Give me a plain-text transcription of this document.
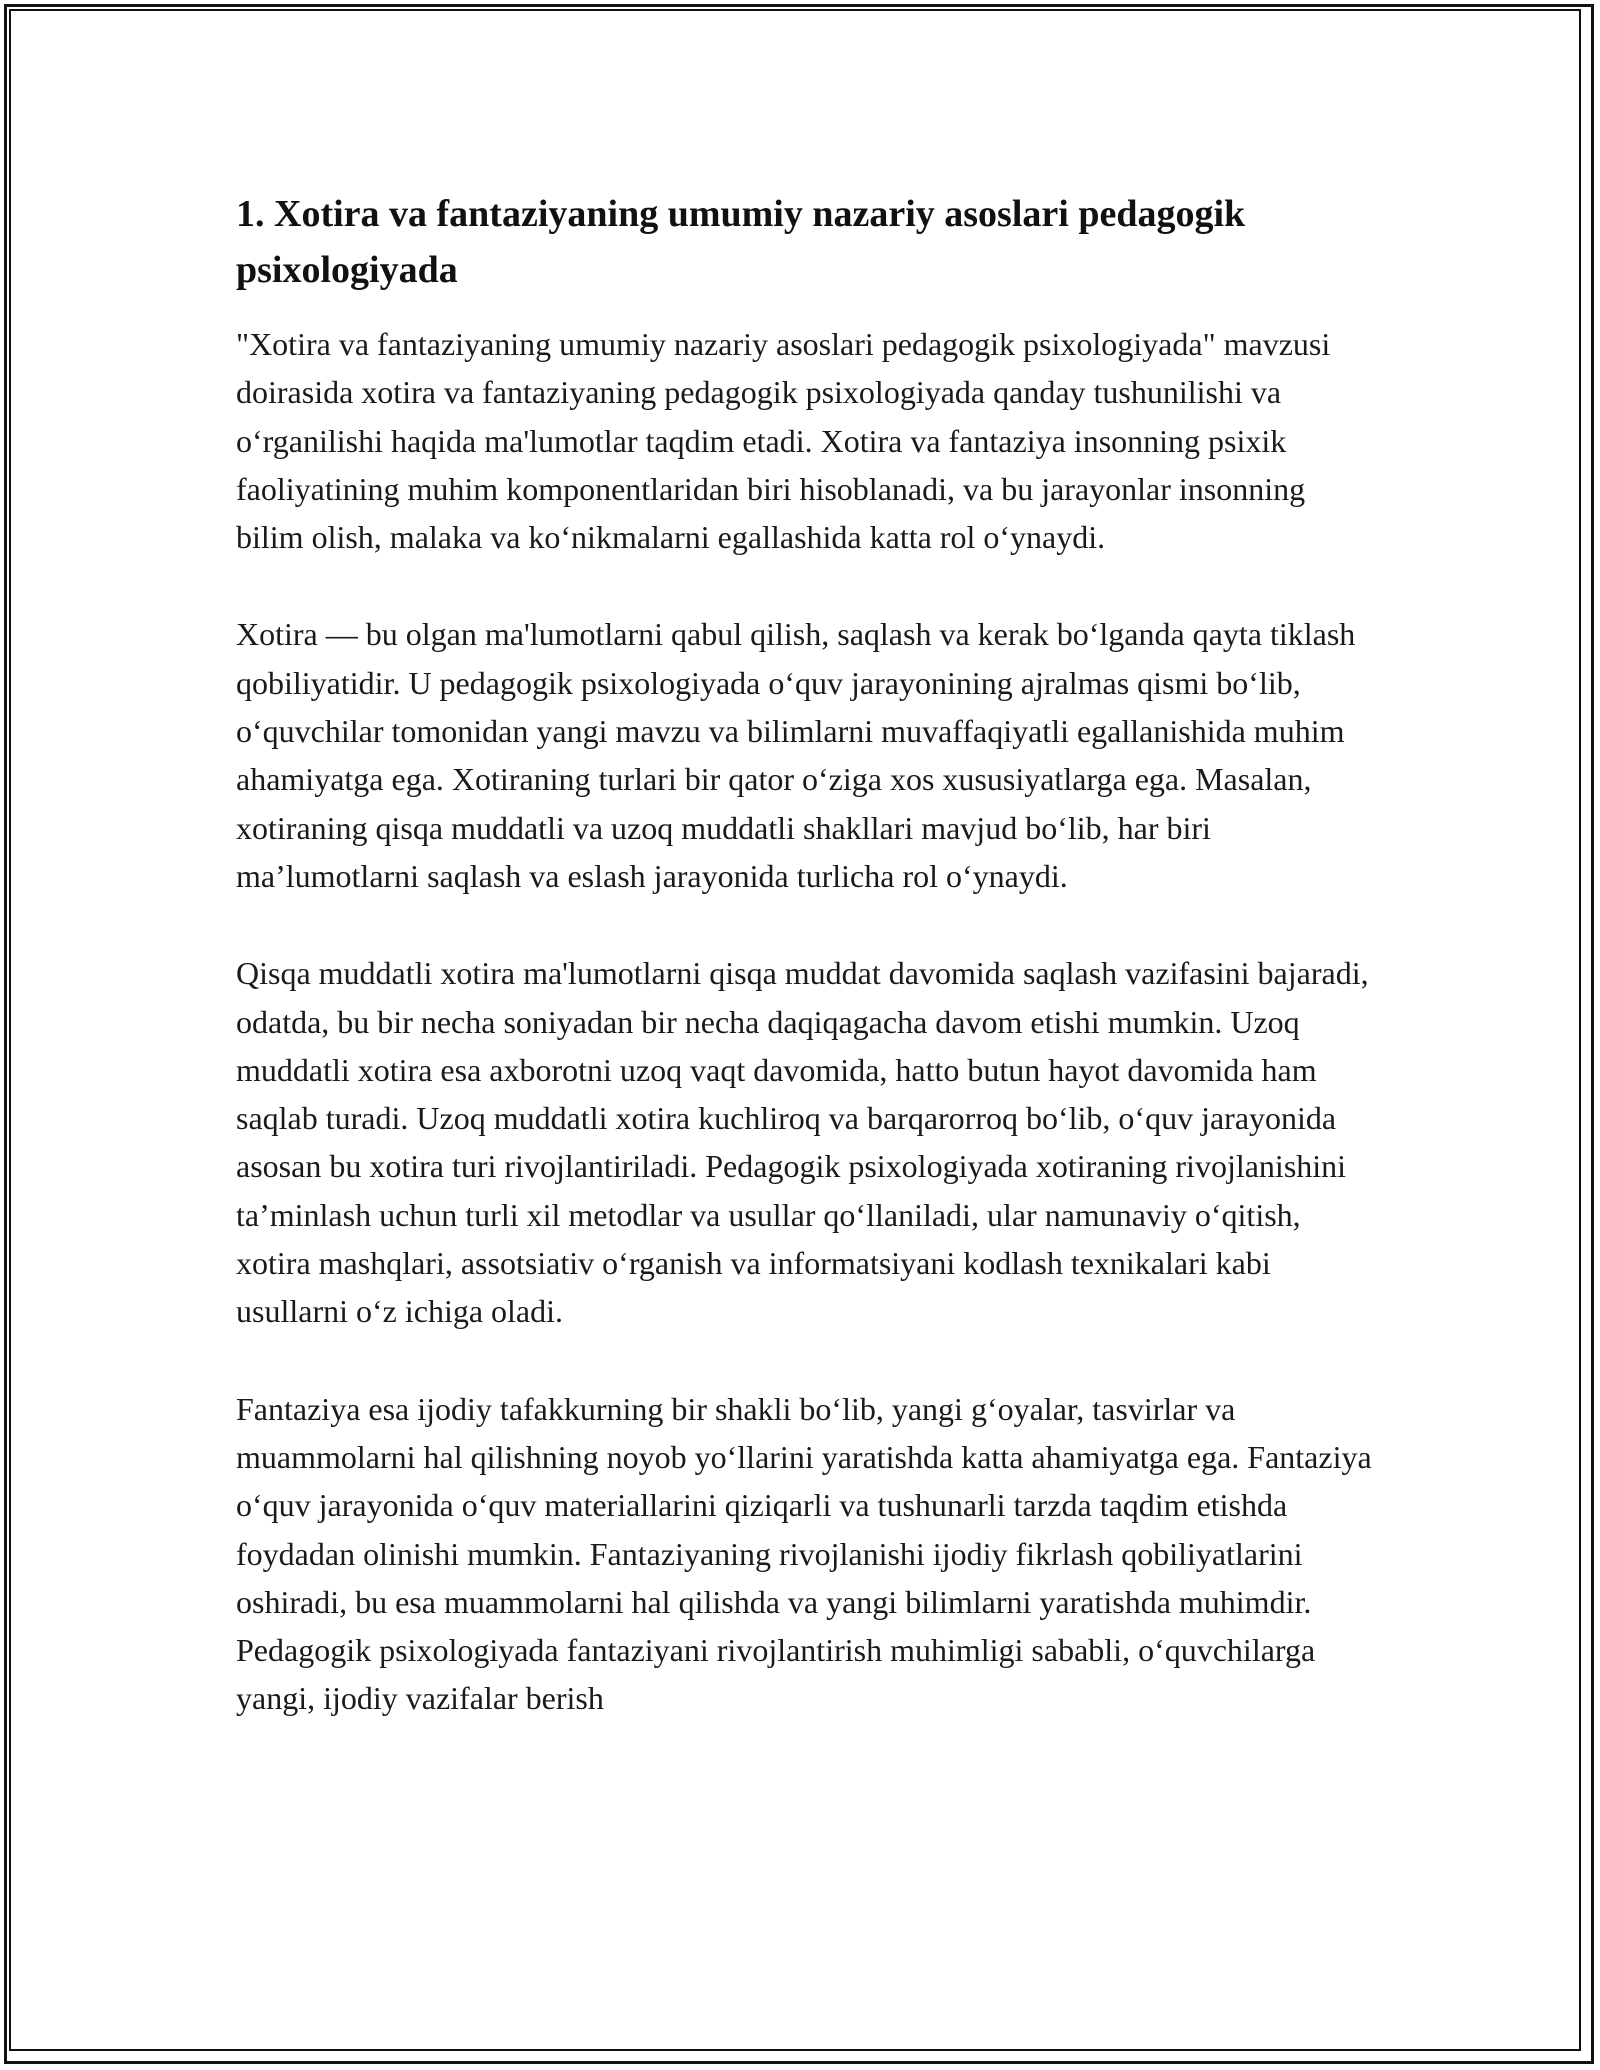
1. Xotira va fantaziyaning umumiy nazariy asoslari pedagogik psixologiyada

"Xotira va fantaziyaning umumiy nazariy asoslari pedagogik psixologiyada" mavzusi doirasida xotira va fantaziyaning pedagogik psixologiyada qanday tushunilishi va o‘rganilishi haqida ma'lumotlar taqdim etadi. Xotira va fantaziya insonning psixik faoliyatining muhim komponentlaridan biri hisoblanadi, va bu jarayonlar insonning bilim olish, malaka va ko‘nikmalarni egallashida katta rol o‘ynaydi.

Xotira — bu olgan ma'lumotlarni qabul qilish, saqlash va kerak bo‘lganda qayta tiklash qobiliyatidir. U pedagogik psixologiyada o‘quv jarayonining ajralmas qismi bo‘lib, o‘quvchilar tomonidan yangi mavzu va bilimlarni muvaffaqiyatli egallanishida muhim ahamiyatga ega. Xotiraning turlari bir qator o‘ziga xos xususiyatlarga ega. Masalan, xotiraning qisqa muddatli va uzoq muddatli shakllari mavjud bo‘lib, har biri ma’lumotlarni saqlash va eslash jarayonida turlicha rol o‘ynaydi.

Qisqa muddatli xotira ma'lumotlarni qisqa muddat davomida saqlash vazifasini bajaradi, odatda, bu bir necha soniyadan bir necha daqiqagacha davom etishi mumkin. Uzoq muddatli xotira esa axborotni uzoq vaqt davomida, hatto butun hayot davomida ham saqlab turadi. Uzoq muddatli xotira kuchliroq va barqarorroq bo‘lib, o‘quv jarayonida asosan bu xotira turi rivojlantiriladi. Pedagogik psixologiyada xotiraning rivojlanishini ta’minlash uchun turli xil metodlar va usullar qo‘llaniladi, ular namunaviy o‘qitish, xotira mashqlari, assotsiativ o‘rganish va informatsiyani kodlash texnikalari kabi usullarni o‘z ichiga oladi.

Fantaziya esa ijodiy tafakkurning bir shakli bo‘lib, yangi g‘oyalar, tasvirlar va muammolarni hal qilishning noyob yo‘llarini yaratishda katta ahamiyatga ega. Fantaziya o‘quv jarayonida o‘quv materiallarini qiziqarli va tushunarli tarzda taqdim etishda foydadan olinishi mumkin. Fantaziyaning rivojlanishi ijodiy fikrlash qobiliyatlarini oshiradi, bu esa muammolarni hal qilishda va yangi bilimlarni yaratishda muhimdir. Pedagogik psixologiyada fantaziyani rivojlantirish muhimligi sababli, o‘quvchilarga yangi, ijodiy vazifalar berish
